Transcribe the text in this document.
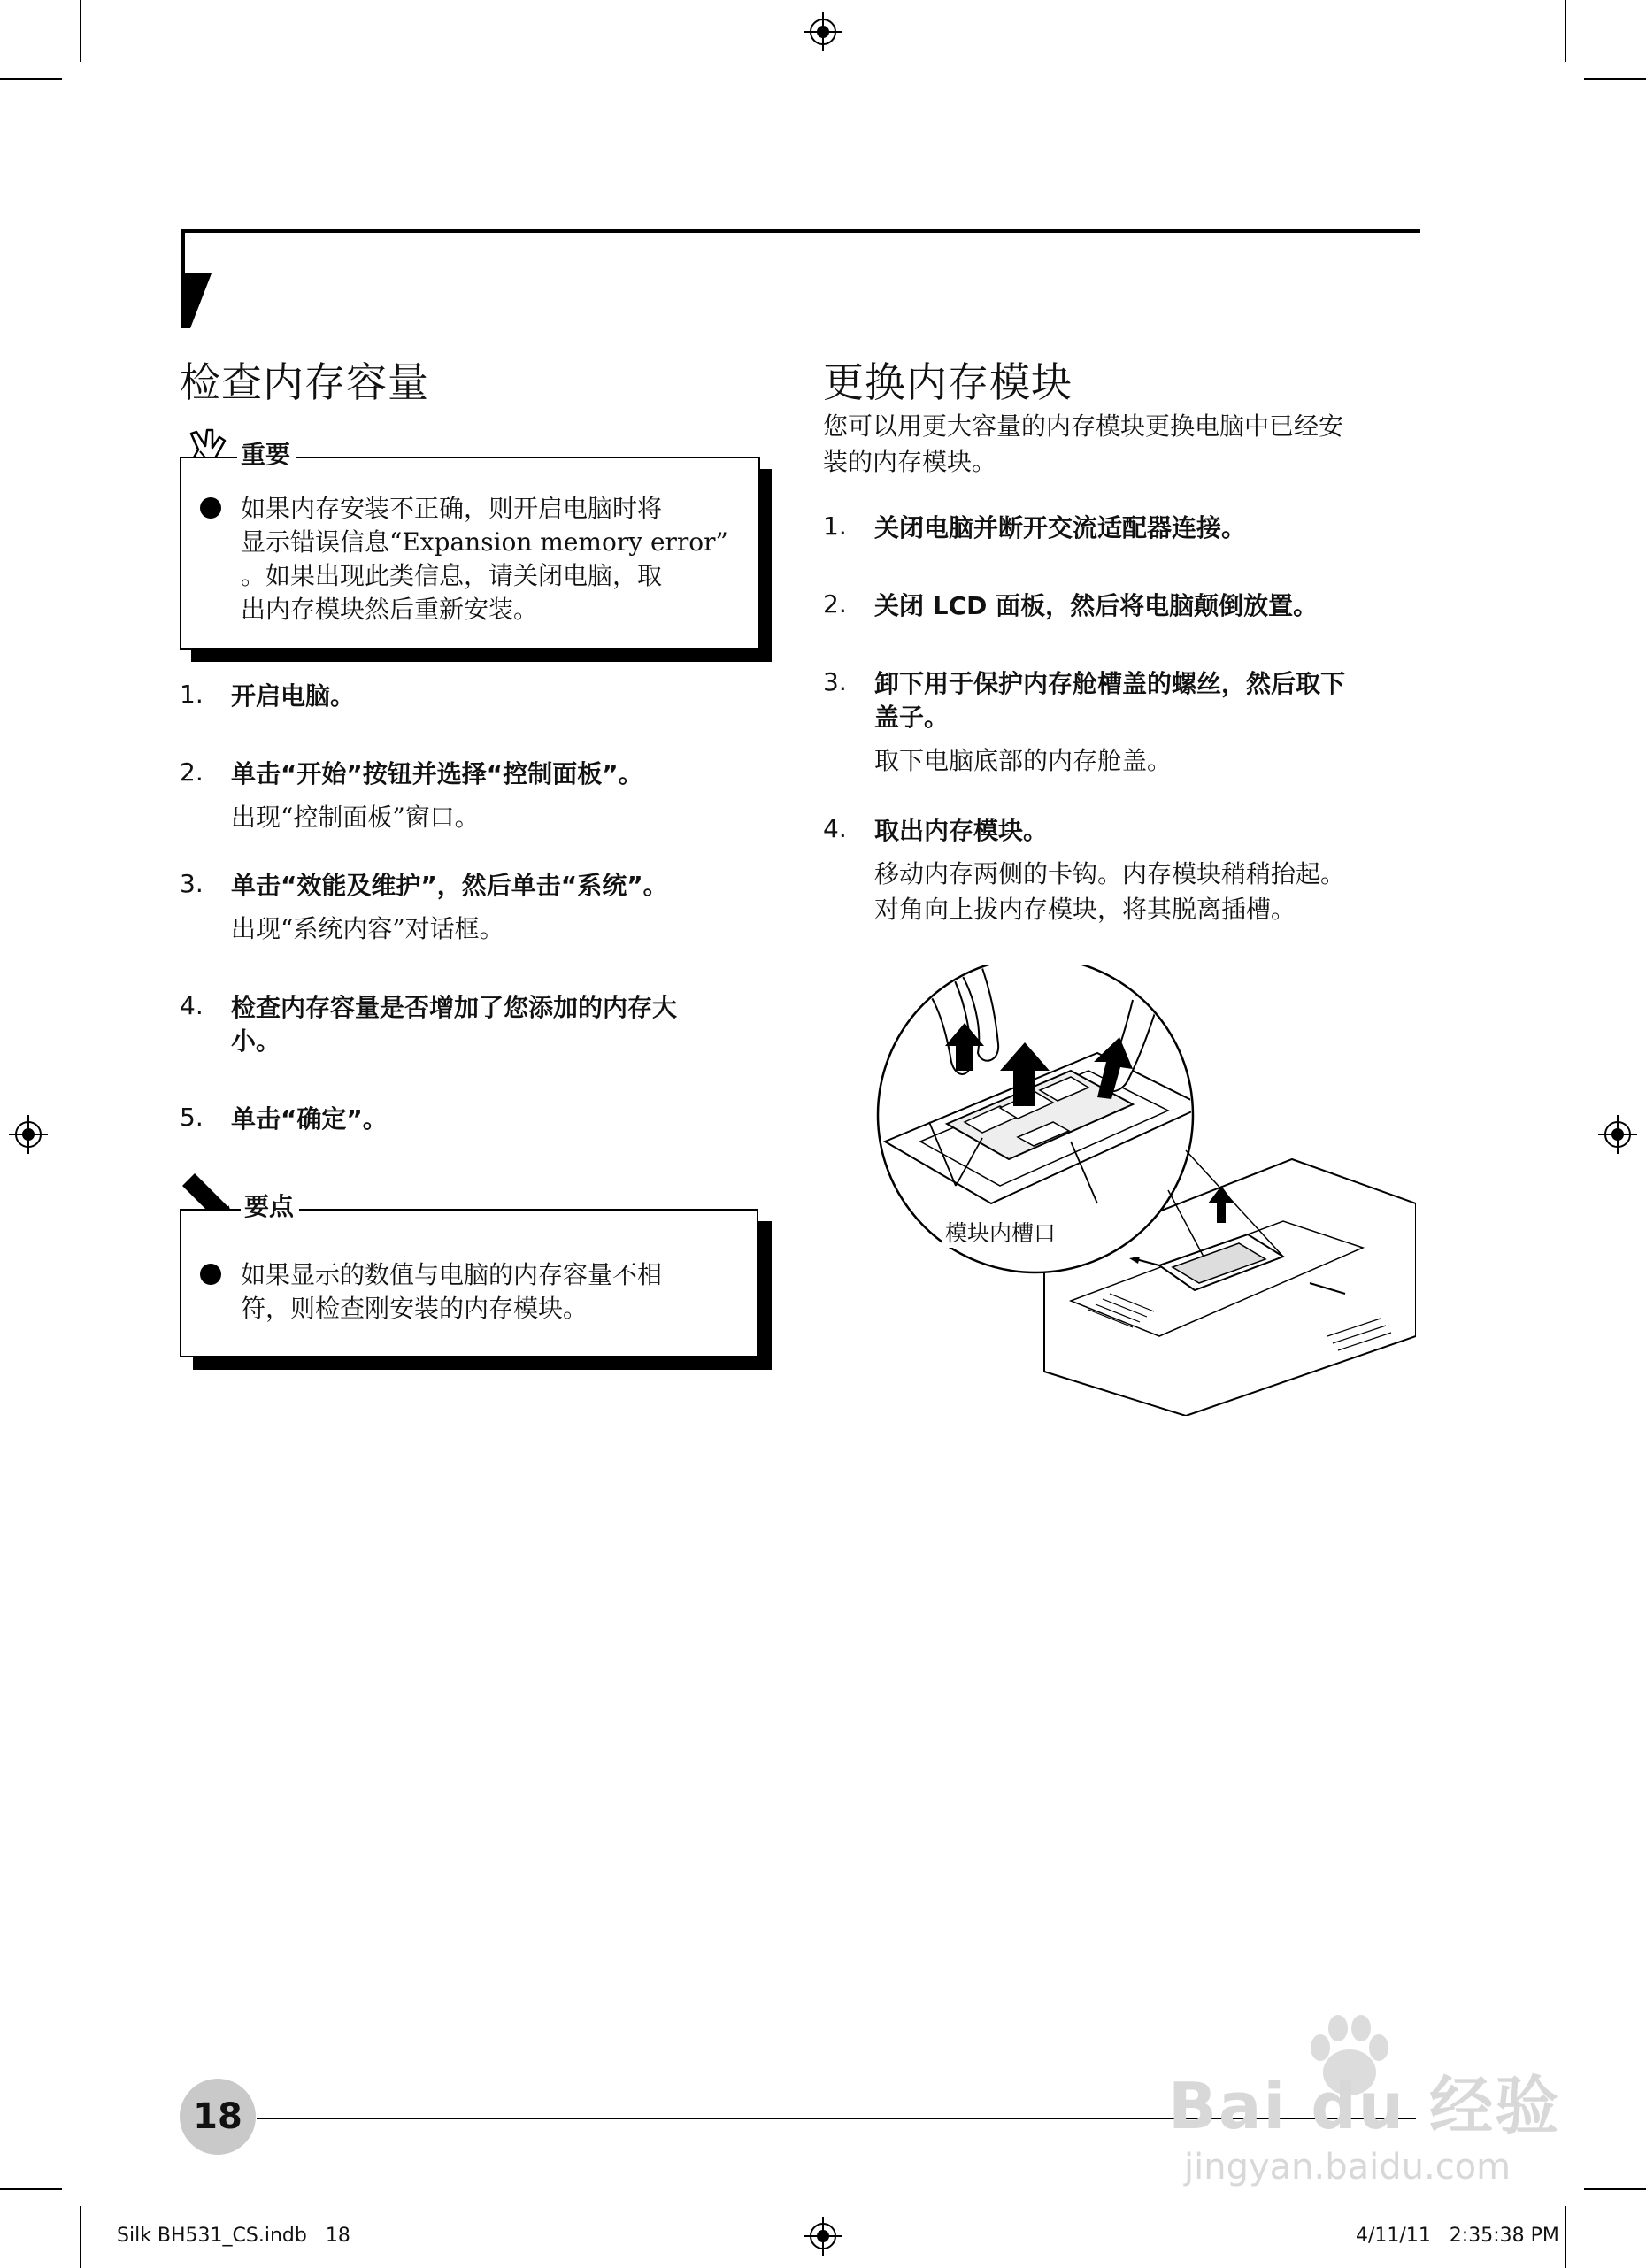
检查内存容量
重要
如果内存安装不正确，则开启电脑时将
显示错误信息“Expansion memory error”
。如果出现此类信息，请关闭电脑，取
出内存模块然后重新安装。
1. 开启电脑。
2. 单击“开始”按钮并选择“控制面板”。
出现“控制面板”窗口。
3. 单击“效能及维护”，然后单击“系统”。
出现“系统内容”对话框。
4. 检查内存容量是否增加了您添加的内存大
小。
5. 单击“确定”。
要点
如果显示的数值与电脑的内存容量不相
符，则检查刚安装的内存模块。
更换内存模块
您可以用更大容量的内存模块更换电脑中已经安
装的内存模块。
1. 关闭电脑并断开交流适配器连接。
2. 关闭 LCD 面板，然后将电脑颠倒放置。
3. 卸下用于保护内存舱槽盖的螺丝，然后取下
盖子。
取下电脑底部的内存舱盖。
4. 取出内存模块。
移动内存两侧的卡钩。内存模块稍稍抬起。
对角向上拔内存模块，将其脱离插槽。
模块内槽口
18	Bai du 经验
jingyan.baidu.com
Silk BH531_CS.indb   18	4/11/11   2:35:38 PM
